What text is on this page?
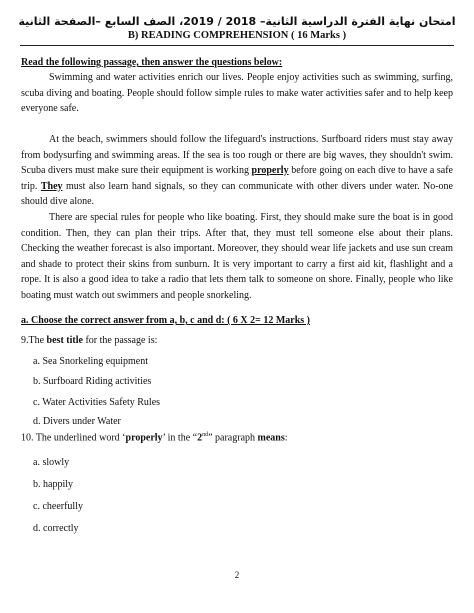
امتحان نهاية الفترة الدراسية الثانية– 2018 / 2019، الصف السابع –الصفحة الثانية
B) READING COMPREHENSION ( 16 Marks )
Read the following passage, then answer the questions below:
Swimming and water activities enrich our lives. People enjoy activities such as swimming, surfing, scuba diving and boating. People should follow simple rules to make water activities safer and to help keep everyone safe.
At the beach, swimmers should follow the lifeguard's instructions. Surfboard riders must stay away from bodysurfing and swimming areas. If the sea is too rough or there are big waves, they shouldn't swim. Scuba divers must make sure their equipment is working properly before going on each dive to have a safe trip. They must also learn hand signals, so they can communicate with other divers under water. No-one should dive alone.
There are special rules for people who like boating. First, they should make sure the boat is in good condition. Then, they can plan their trips. After that, they must tell someone else about their plans. Checking the weather forecast is also important. Moreover, they should wear life jackets and use sun cream and shade to protect their skins from sunburn. It is very important to carry a first aid kit, flashlight and a rope. It is also a good idea to take a radio that lets them talk to someone on shore. Finally, people who like boating must watch out swimmers and people snorkeling.
a. Choose the correct answer from a, b, c and d: ( 6 X 2= 12 Marks )
9.The best title for the passage is:
a. Sea Snorkeling equipment
b. Surfboard Riding activities
c. Water Activities Safety Rules
d. Divers under Water
10. The underlined word ‘properly’ in the “2nd” paragraph means:
a. slowly
b. happily
c. cheerfully
d. correctly
2
